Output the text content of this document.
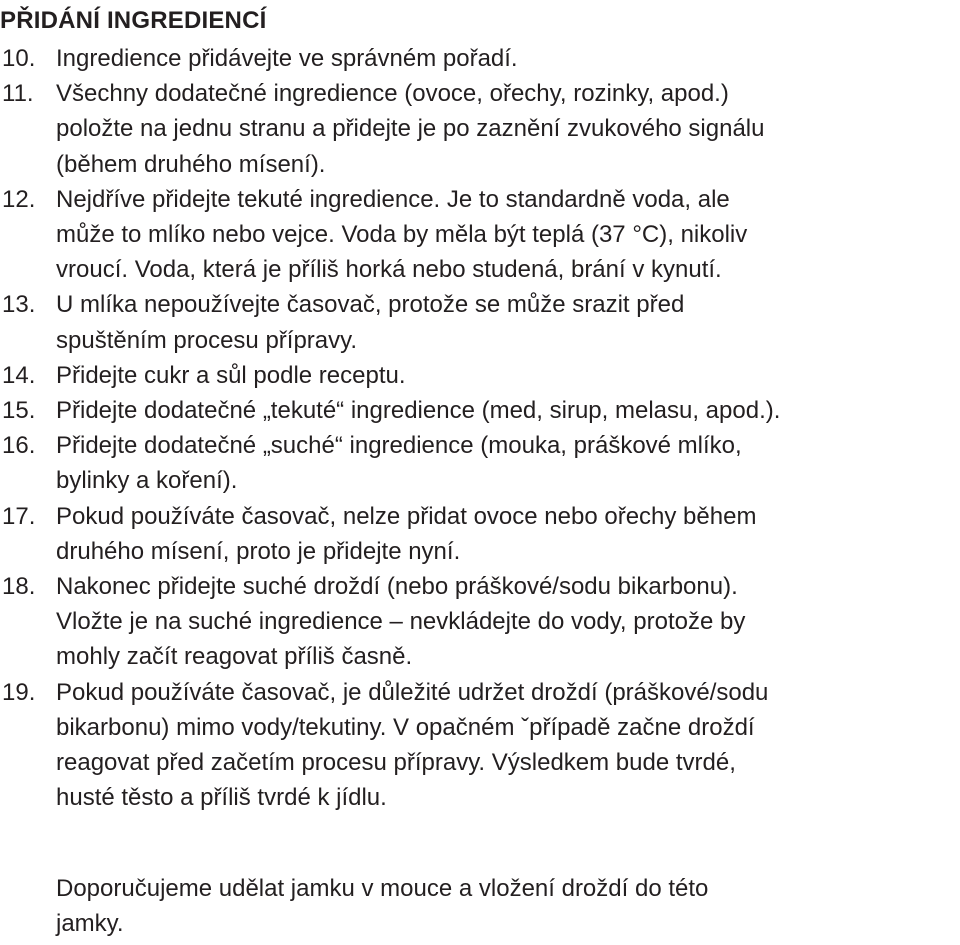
PŘIDÁNÍ INGREDIENCÍ
10. Ingredience přidávejte ve správném pořadí.
11. Všechny dodatečné ingredience (ovoce, ořechy, rozinky, apod.)
položte na jednu stranu a přidejte je po zaznění zvukového signálu
(během druhého mísení).
12. Nejdříve přidejte tekuté ingredience. Je to standardně voda, ale
může to mlíko nebo vejce. Voda by měla být teplá (37 °C), nikoliv
vroucí. Voda, která je příliš horká nebo studená, brání v kynutí.
13. U mlíka nepoužívejte časovač, protože se může srazit před
spuštěním procesu přípravy.
14. Přidejte cukr a sůl podle receptu.
15. Přidejte dodatečné „tekuté“ ingredience (med, sirup, melasu, apod.).
16. Přidejte dodatečné „suché“ ingredience (mouka, práškové mlíko,
bylinky a koření).
17. Pokud používáte časovač, nelze přidat ovoce nebo ořechy během
druhého mísení, proto je přidejte nyní.
18. Nakonec přidejte suché droždí (nebo práškové/sodu bikarbonu).
Vložte je na suché ingredience – nevkládejte do vody, protože by
mohly začít reagovat příliš časně.
19. Pokud používáte časovač, je důležité udržet droždí (práškové/sodu
bikarbonu) mimo vody/tekutiny. V opačném ˇpřípadě začne droždí
reagovat před začetím procesu přípravy. Výsledkem bude tvrdé,
husté těsto a příliš tvrdé k jídlu.
Doporučujeme udělat jamku v mouce a vložení droždí do této
jamky.
